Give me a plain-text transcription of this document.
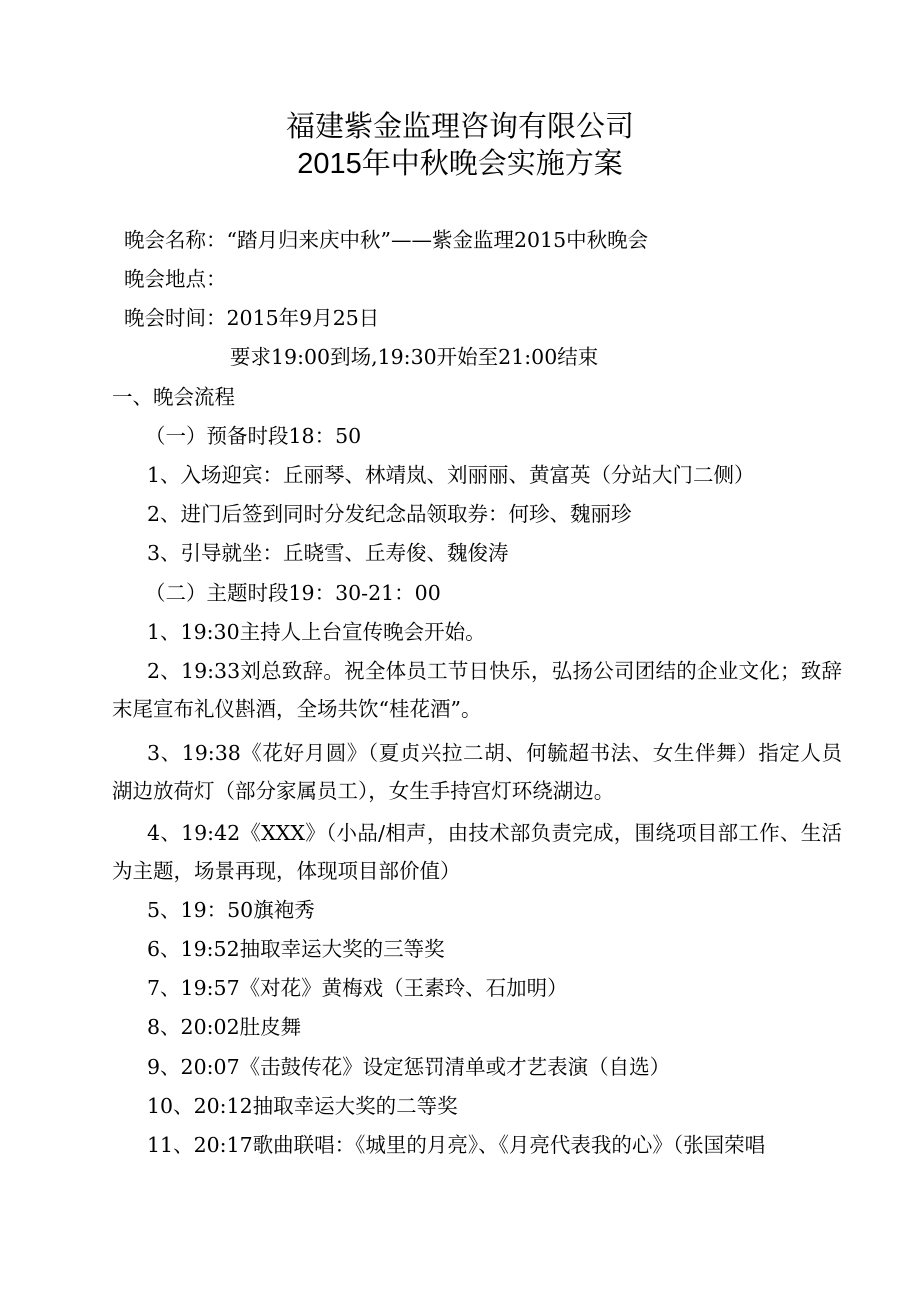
福建紫金监理咨询有限公司
2015年中秋晚会实施方案
晚会名称：“踏月归来庆中秋”——紫金监理2015中秋晚会
晚会地点：
晚会时间：2015年9月25日
要求19:00到场,19:30开始至21:00结束
一、晚会流程
（一）预备时段18：50
1、入场迎宾：丘丽琴、林靖岚、刘丽丽、黄富英（分站大门二侧）
2、进门后签到同时分发纪念品领取券：何珍、魏丽珍
3、引导就坐：丘晓雪、丘寿俊、魏俊涛
（二）主题时段19：30-21：00
1、19:30主持人上台宣传晚会开始。
2、19:33刘总致辞。祝全体员工节日快乐，弘扬公司团结的企业文化；致辞末尾宣布礼仪斟酒，全场共饮“桂花酒”。
3、19:38《花好月圆》（夏贞兴拉二胡、何毓超书法、女生伴舞）指定人员湖边放荷灯（部分家属员工），女生手持宫灯环绕湖边。
4、19:42《XXX》（小品/相声，由技术部负责完成，围绕项目部工作、生活为主题，场景再现，体现项目部价值）
5、19：50旗袍秀
6、19:52抽取幸运大奖的三等奖
7、19:57《对花》黄梅戏（王素玲、石加明）
8、20:02肚皮舞
9、20:07《击鼓传花》设定惩罚清单或才艺表演（自选）
10、20:12抽取幸运大奖的二等奖
11、20:17歌曲联唱：《城里的月亮》、《月亮代表我的心》（张国荣唱
